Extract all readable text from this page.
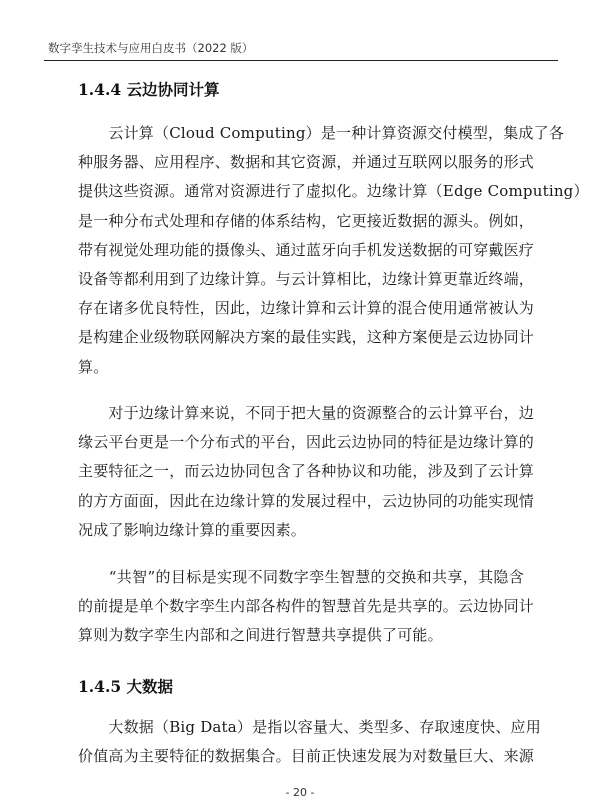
数字孪生技术与应用白皮书（2022 版）
1.4.4 云边协同计算
　　云计算（Cloud Computing）是一种计算资源交付模型，集成了各
种服务器、应用程序、数据和其它资源，并通过互联网以服务的形式
提供这些资源。通常对资源进行了虚拟化。边缘计算（Edge Computing）
是一种分布式处理和存储的体系结构，它更接近数据的源头。例如，
带有视觉处理功能的摄像头、通过蓝牙向手机发送数据的可穿戴医疗
设备等都利用到了边缘计算。与云计算相比，边缘计算更靠近终端，
存在诸多优良特性，因此，边缘计算和云计算的混合使用通常被认为
是构建企业级物联网解决方案的最佳实践，这种方案便是云边协同计
算。
　　对于边缘计算来说，不同于把大量的资源整合的云计算平台，边
缘云平台更是一个分布式的平台，因此云边协同的特征是边缘计算的
主要特征之一，而云边协同包含了各种协议和功能，涉及到了云计算
的方方面面，因此在边缘计算的发展过程中，云边协同的功能实现情
况成了影响边缘计算的重要因素。
　　“共智”的目标是实现不同数字孪生智慧的交换和共享，其隐含
的前提是单个数字孪生内部各构件的智慧首先是共享的。云边协同计
算则为数字孪生内部和之间进行智慧共享提供了可能。
1.4.5 大数据
　　大数据（Big Data）是指以容量大、类型多、存取速度快、应用
价值高为主要特征的数据集合。目前正快速发展为对数量巨大、来源
- 20 -
